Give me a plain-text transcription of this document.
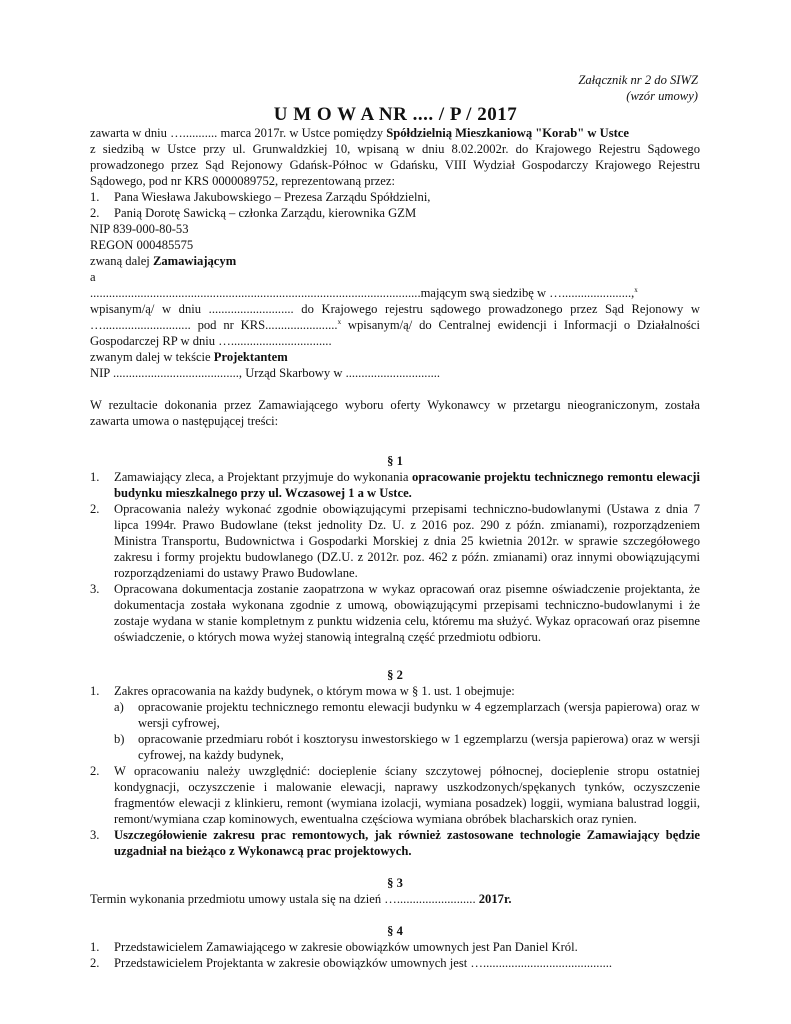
Załącznik nr 2 do SIWZ
(wzór umowy)
U M O W A NR .... / P / 2017

zawarta w dniu …........... marca 2017r. w Ustce pomiędzy Spółdzielnią Mieszkaniową "Korab" w Ustce

z siedzibą w Ustce przy ul. Grunwaldzkiej 10, wpisaną w dniu 8.02.2002r. do Krajowego Rejestru Sądowego prowadzonego przez Sąd Rejonowy Gdańsk-Północ w Gdańsku, VIII Wydział Gospodarczy Krajowego Rejestru Sądowego, pod nr KRS 0000089752, reprezentowaną przez:

1.	Pana Wiesława Jakubowskiego – Prezesa Zarządu Spółdzielni,
2.	Panią Dorotę Sawicką – członka Zarządu, kierownika GZM

NIP 839-000-80-53

REGON 000485575

zwaną dalej Zamawiającym

a

.........................................................................................................mającym swą siedzibę w …......................,$^x$

wpisanym/ą/ w dniu ........................... do Krajowego rejestru sądowego prowadzonego przez Sąd Rejonowy w …............................ pod nr KRS.......................$^x$ wpisanym/ą/ do Centralnej ewidencji i Informacji o Działalności Gospodarczej RP w dniu …................................

zwanym dalej w tekście Projektantem

NIP ........................................, Urząd Skarbowy w ..............................

W rezultacie dokonania przez Zamawiającego wyboru oferty Wykonawcy w przetargu nieograniczonym, została zawarta umowa o następującej treści:

§ 1

1.	Zamawiający zleca, a Projektant przyjmuje do wykonania opracowanie projektu technicznego remontu elewacji budynku mieszkalnego przy ul. Wczasowej 1 a w Ustce.
2.	Opracowania należy wykonać zgodnie obowiązującymi przepisami techniczno-budowlanymi (Ustawa z dnia 7 lipca 1994r. Prawo Budowlane (tekst jednolity Dz. U. z 2016 poz. 290 z późn. zmianami), rozporządzeniem Ministra Transportu, Budownictwa i Gospodarki Morskiej z dnia 25 kwietnia 2012r. w sprawie szczegółowego zakresu i formy projektu budowlanego (DZ.U. z 2012r. poz. 462 z późn. zmianami) oraz innymi obowiązującymi rozporządzeniami do ustawy Prawo Budowlane.
3.	Opracowana dokumentacja zostanie zaopatrzona w wykaz opracowań oraz pisemne oświadczenie projektanta, że dokumentacja została wykonana zgodnie z umową, obowiązującymi przepisami techniczno-budowlanymi i że zostaje wydana w stanie kompletnym z punktu widzenia celu, któremu ma służyć. Wykaz opracowań oraz pisemne oświadczenie, o których mowa wyżej stanowią integralną część przedmiotu odbioru.

§ 2

1.	Zakres opracowania na każdy budynek, o którym mowa w § 1. ust. 1 obejmuje:
a)	opracowanie projektu technicznego remontu elewacji budynku w 4 egzemplarzach (wersja papierowa) oraz w wersji cyfrowej,
b)	opracowanie przedmiaru robót i kosztorysu inwestorskiego w 1 egzemplarzu (wersja papierowa) oraz w wersji cyfrowej, na każdy budynek,
2.	W opracowaniu należy uwzględnić: docieplenie ściany szczytowej północnej, docieplenie stropu ostatniej kondygnacji, oczyszczenie i malowanie elewacji, naprawy uszkodzonych/spękanych tynków, oczyszczenie fragmentów elewacji z klinkieru, remont (wymiana izolacji, wymiana posadzek) loggii, wymiana balustrad loggii, remont/wymiana czap kominowych, ewentualna częściowa wymiana obróbek blacharskich oraz rynien.
3.	Uszczegółowienie zakresu prac remontowych, jak również zastosowane technologie Zamawiający będzie uzgadniał na bieżąco z Wykonawcą prac projektowych.

§ 3

Termin wykonania przedmiotu umowy ustala się na dzień …......................... 2017r.

§ 4

1.	Przedstawicielem Zamawiającego w zakresie obowiązków umownych jest Pan Daniel Król.
2.	Przedstawicielem Projektanta w zakresie obowiązków umownych jest ….........................................
